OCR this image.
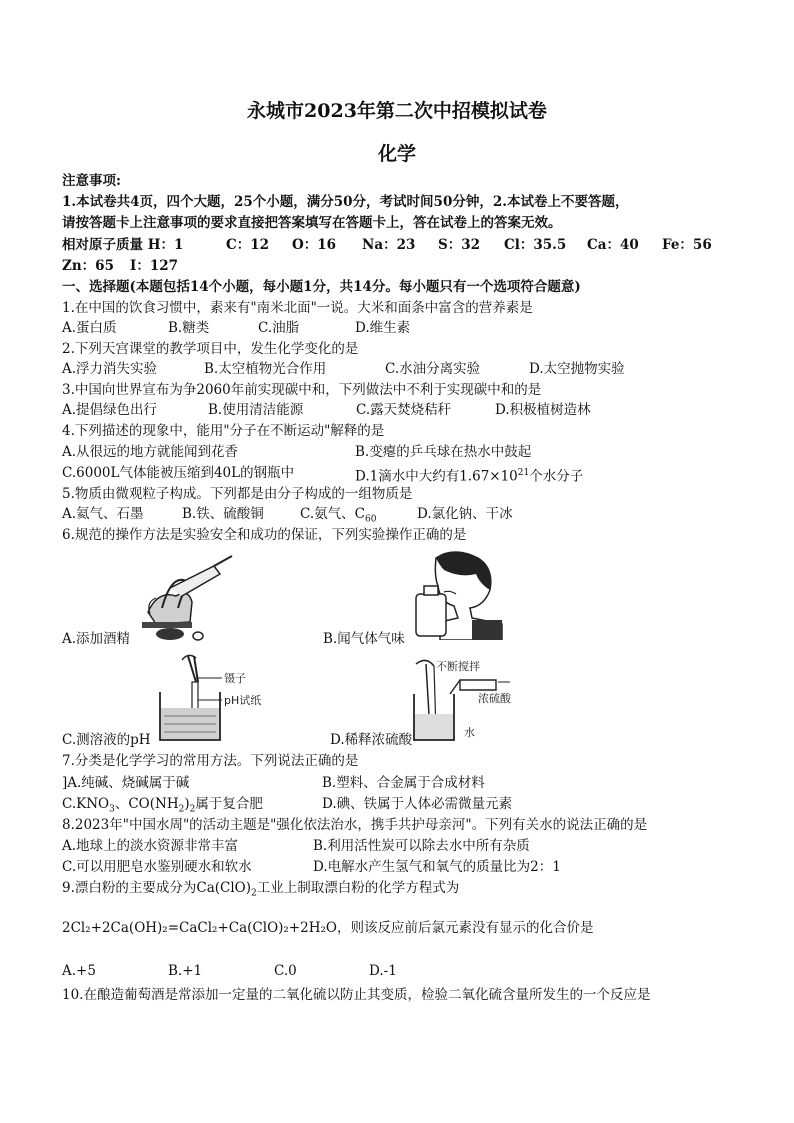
永城市2023年第二次中招模拟试卷
化学
注意事项:
1.本试卷共4页，四个大题，25个小题，满分50分，考试时间50分钟，2.本试卷上不要答题，
请按答题卡上注意事项的要求直接把答案填写在答题卡上，答在试卷上的答案无效。
相对原子质量 H：1	C：12 O：16 Na：23 S：32 Cl：35.5 Ca：40 Fe：56
Zn：65 I：127
一、选择题(本题包括14个小题，每小题1分，共14分。每小题只有一个选项符合题意)
1.在中国的饮食习惯中，素来有"南米北面"一说。大米和面条中富含的营养素是
A.蛋白质	B.糖类	C.油脂	D.维生素
2.下列天宫课堂的教学项目中，发生化学变化的是
A.浮力消失实验	B.太空植物光合作用	C.水油分离实验	D.太空抛物实验
3.中国向世界宣布为争2060年前实现碳中和，下列做法中不利于实现碳中和的是
A.提倡绿色出行	B.使用清洁能源	C.露天焚烧秸秆	D.积极植树造林
4.下列描述的现象中，能用"分子在不断运动"解释的是
A.从很远的地方就能闻到花香	B.变瘪的乒乓球在热水中鼓起
C.6000L气体能被压缩到40L的钢瓶中	D.1滴水中大约有$1.67\times 10^{21}$个水分子
5.物质由微观粒子构成。下列都是由分子构成的一组物质是
A.氦气、石墨	B.铁、硫酸铜	C.氨气、$C_{60}$	D.氯化钠、干冰
6.规范的操作方法是实验安全和成功的保证，下列实验操作正确的是
A.添加酒精	B.闻气体气味
镊子
pH试纸
C.测溶液的pH
不断搅拌
浓硫酸
水
D.稀释浓硫酸
7.分类是化学学习的常用方法。下列说法正确的是
]A.纯碱、烧碱属于碱	B.塑料、合金属于合成材料
$C.KNO_3$、$CO(NH_2)_2$属于复合肥	D.碘、铁属于人体必需微量元素
8.2023年"中国水周"的活动主题是"强化依法治水，携手共护母亲河"。下列有关水的说法正确的是
A.地球上的淡水资源非常丰富	B.利用活性炭可以除去水中所有杂质
C.可以用肥皂水鉴别硬水和软水	D.电解水产生氢气和氧气的质量比为2：1
9.漂白粉的主要成分为$Ca(ClO)_2$工业上制取漂白粉的化学方程式为
2Cl₂+2Ca(OH)₂=CaCl₂+Ca(ClO)₂+2H₂O，则该反应前后氯元素没有显示的化合价是
A.+5	B.+1	C.0	D.-1
10.在酿造葡萄酒是常添加一定量的二氧化硫以防止其变质，检验二氧化硫含量所发生的一个反应是
